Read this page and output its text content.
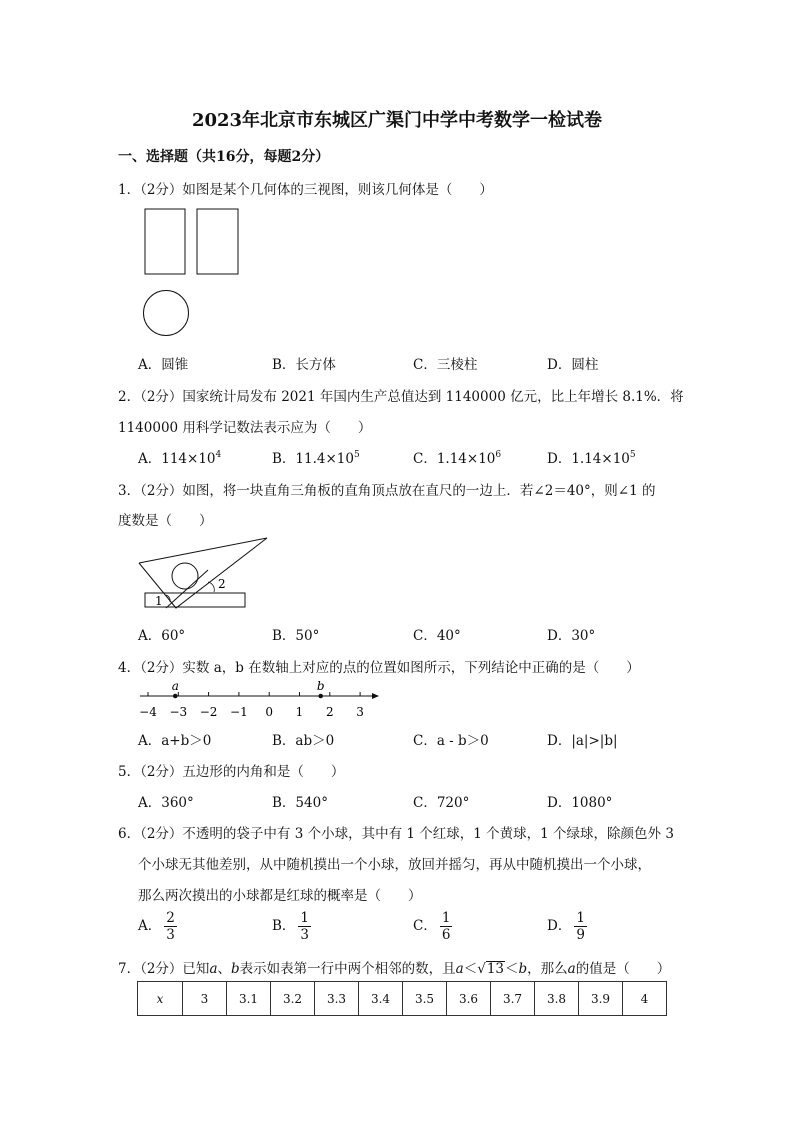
2023年北京市东城区广渠门中学中考数学一检试卷
一、选择题（共16分，每题2分）
1．（2分）如图是某个几何体的三视图，则该几何体是（　　）
A．圆锥	B．长方体	C．三棱柱	D．圆柱
2．（2分）国家统计局发布 2021 年国内生产总值达到 1140000 亿元，比上年增长 8.1%．将
1140000 用科学记数法表示应为（　　）
A．$114\times 10^4$	B．$11.4\times 10^5$	C．$1.14\times 10^6$	D．$1.14\times 10^5$
3．（2分）如图，将一块直角三角板的直角顶点放在直尺的一边上．若∠2＝40°，则∠1 的
度数是（　　）
1
2
A．60°	B．50°	C．40°	D．30°
4．（2分）实数 a，b 在数轴上对应的点的位置如图所示，下列结论中正确的是（　　）
−4 −3 −2 −1 0 1 2 3
a	b
A．a+b＞0	B．ab＞0	C．a - b＞0	D．|a|>|b|
5．（2分）五边形的内角和是（　　）
A．360°	B．540°	C．720°	D．1080°
6．（2分）不透明的袋子中有 3 个小球，其中有 1 个红球，1 个黄球，1 个绿球，除颜色外 3
个小球无其他差别，从中随机摸出一个小球，放回并摇匀，再从中随机摸出一个小球，
那么两次摸出的小球都是红球的概率是（　　）
A． $\frac{2}{3}$	B． $\frac{1}{3}$	C． $\frac{1}{6}$	D． $\frac{1}{9}$
7．（2分）已知a、b表示如表第一行中两个相邻的数，且a＜√13＜b，那么a的值是（　　）
x	3	3.1	3.2	3.3	3.4	3.5	3.6	3.7	3.8	3.9	4
